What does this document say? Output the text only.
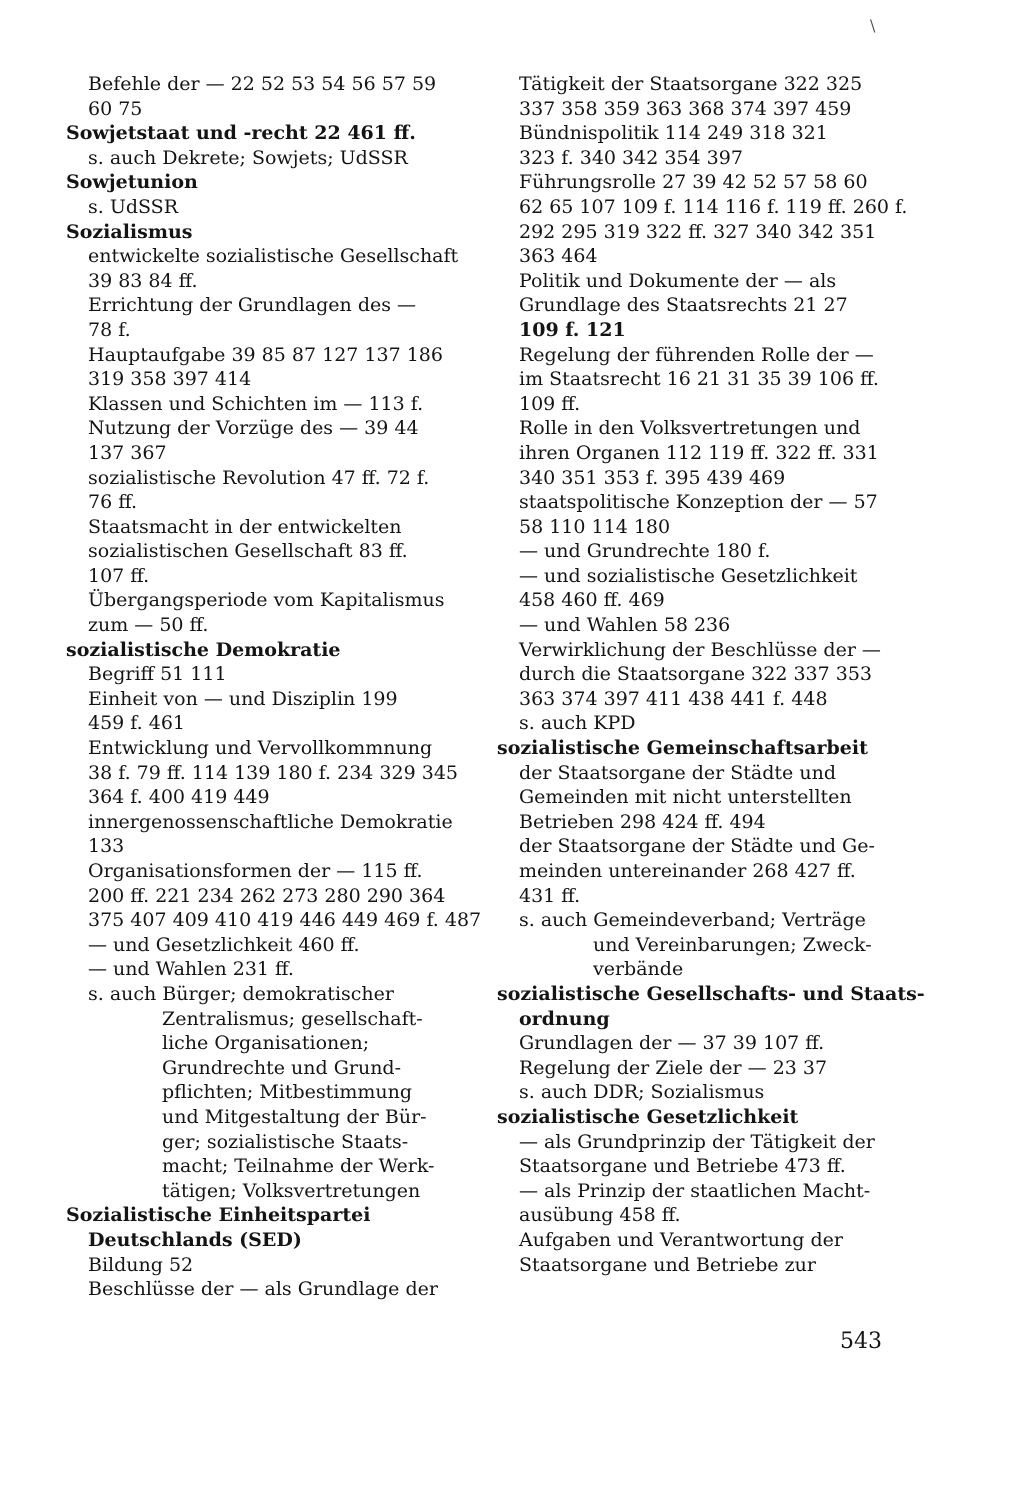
\
Befehle der — 22 52 53 54 56 57 59
60 75
Sowjetstaat und -recht 22 461 ff.
s. auch Dekrete; Sowjets; UdSSR
Sowjetunion
s. UdSSR
Sozialismus
entwickelte sozialistische Gesellschaft
39 83 84 ff.
Errichtung der Grundlagen des —
78 f.
Hauptaufgabe 39 85 87 127 137 186
319 358 397 414
Klassen und Schichten im — 113 f.
Nutzung der Vorzüge des — 39 44
137 367
sozialistische Revolution 47 ff. 72 f.
76 ff.
Staatsmacht in der entwickelten
sozialistischen Gesellschaft 83 ff.
107 ff.
Übergangsperiode vom Kapitalismus
zum — 50 ff.
sozialistische Demokratie
Begriff 51 111
Einheit von — und Disziplin 199
459 f. 461
Entwicklung und Vervollkommnung
38 f. 79 ff. 114 139 180 f. 234 329 345
364 f. 400 419 449
innergenossenschaftliche Demokratie
133
Organisationsformen der — 115 ff.
200 ff. 221 234 262 273 280 290 364
375 407 409 410 419 446 449 469 f. 487
— und Gesetzlichkeit 460 ff.
— und Wahlen 231 ff.
s. auch Bürger; demokratischer
Zentralismus; gesellschaft-
liche Organisationen;
Grundrechte und Grund-
pflichten; Mitbestimmung
und Mitgestaltung der Bür-
ger; sozialistische Staats-
macht; Teilnahme der Werk-
tätigen; Volksvertretungen
Sozialistische Einheitspartei
Deutschlands (SED)
Bildung 52
Beschlüsse der — als Grundlage der
Tätigkeit der Staatsorgane 322 325
337 358 359 363 368 374 397 459
Bündnispolitik 114 249 318 321
323 f. 340 342 354 397
Führungsrolle 27 39 42 52 57 58 60
62 65 107 109 f. 114 116 f. 119 ff. 260 f.
292 295 319 322 ff. 327 340 342 351
363 464
Politik und Dokumente der — als
Grundlage des Staatsrechts 21 27
109 f. 121
Regelung der führenden Rolle der —
im Staatsrecht 16 21 31 35 39 106 ff.
109 ff.
Rolle in den Volksvertretungen und
ihren Organen 112 119 ff. 322 ff. 331
340 351 353 f. 395 439 469
staatspolitische Konzeption der — 57
58 110 114 180
— und Grundrechte 180 f.
— und sozialistische Gesetzlichkeit
458 460 ff. 469
— und Wahlen 58 236
Verwirklichung der Beschlüsse der —
durch die Staatsorgane 322 337 353
363 374 397 411 438 441 f. 448
s. auch KPD
sozialistische Gemeinschaftsarbeit
der Staatsorgane der Städte und
Gemeinden mit nicht unterstellten
Betrieben 298 424 ff. 494
der Staatsorgane der Städte und Ge-
meinden untereinander 268 427 ff.
431 ff.
s. auch Gemeindeverband; Verträge
und Vereinbarungen; Zweck-
verbände
sozialistische Gesellschafts- und Staats-
ordnung
Grundlagen der — 37 39 107 ff.
Regelung der Ziele der — 23 37
s. auch DDR; Sozialismus
sozialistische Gesetzlichkeit
— als Grundprinzip der Tätigkeit der
Staatsorgane und Betriebe 473 ff.
— als Prinzip der staatlichen Macht-
ausübung 458 ff.
Aufgaben und Verantwortung der
Staatsorgane und Betriebe zur
543
